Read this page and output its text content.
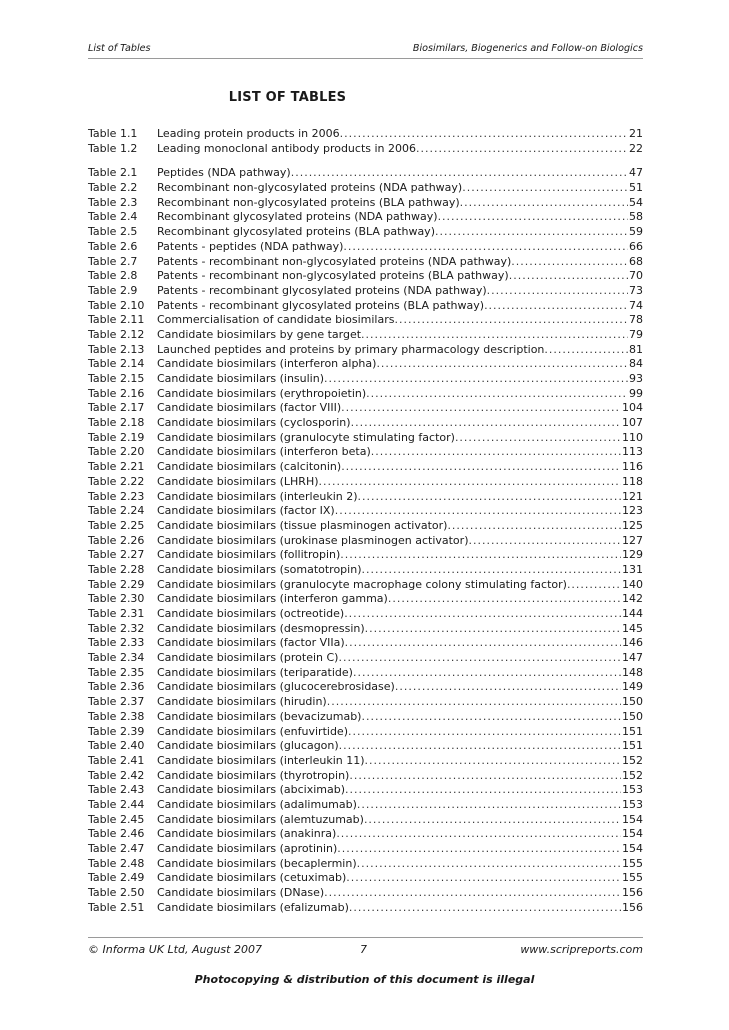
List of Tables	Biosimilars, Biogenerics and Follow-on Biologics
LIST OF TABLES
Table 1.1	Leading protein products in 2006 .....	21
Table 1.2	Leading monoclonal antibody products in 2006 .....	22
Table 2.1	Peptides (NDA pathway) .....	47
Table 2.2	Recombinant non-glycosylated proteins (NDA pathway) .....	51
Table 2.3	Recombinant non-glycosylated proteins (BLA pathway) .....	54
Table 2.4	Recombinant glycosylated proteins (NDA pathway) .....	58
Table 2.5	Recombinant glycosylated proteins (BLA pathway) .....	59
Table 2.6	Patents - peptides (NDA pathway) .....	66
Table 2.7	Patents - recombinant non-glycosylated proteins (NDA pathway) .....	68
Table 2.8	Patents - recombinant non-glycosylated proteins (BLA pathway) .....	70
Table 2.9	Patents - recombinant glycosylated proteins (NDA pathway) .....	73
Table 2.10	Patents - recombinant glycosylated proteins (BLA pathway) .....	74
Table 2.11	Commercialisation of candidate biosimilars .....	78
Table 2.12	Candidate biosimilars by gene target .....	79
Table 2.13	Launched peptides and proteins by primary pharmacology description .....	81
Table 2.14	Candidate biosimilars (interferon alpha) .....	84
Table 2.15	Candidate biosimilars (insulin) .....	93
Table 2.16	Candidate biosimilars (erythropoietin) .....	99
Table 2.17	Candidate biosimilars (factor VIII) .....	104
Table 2.18	Candidate biosimilars (cyclosporin) .....	107
Table 2.19	Candidate biosimilars (granulocyte stimulating factor) .....	110
Table 2.20	Candidate biosimilars (interferon beta) .....	113
Table 2.21	Candidate biosimilars (calcitonin) .....	116
Table 2.22	Candidate biosimilars (LHRH) .....	118
Table 2.23	Candidate biosimilars (interleukin 2) .....	121
Table 2.24	Candidate biosimilars (factor IX) .....	123
Table 2.25	Candidate biosimilars (tissue plasminogen activator) .....	125
Table 2.26	Candidate biosimilars (urokinase plasminogen activator) .....	127
Table 2.27	Candidate biosimilars (follitropin) .....	129
Table 2.28	Candidate biosimilars (somatotropin) .....	131
Table 2.29	Candidate biosimilars (granulocyte macrophage colony stimulating factor) .....	140
Table 2.30	Candidate biosimilars (interferon gamma) .....	142
Table 2.31	Candidate biosimilars (octreotide) .....	144
Table 2.32	Candidate biosimilars (desmopressin) .....	145
Table 2.33	Candidate biosimilars (factor VIIa) .....	146
Table 2.34	Candidate biosimilars (protein C) .....	147
Table 2.35	Candidate biosimilars (teriparatide) .....	148
Table 2.36	Candidate biosimilars (glucocerebrosidase) .....	149
Table 2.37	Candidate biosimilars (hirudin) .....	150
Table 2.38	Candidate biosimilars (bevacizumab) .....	150
Table 2.39	Candidate biosimilars (enfuvirtide) .....	151
Table 2.40	Candidate biosimilars (glucagon) .....	151
Table 2.41	Candidate biosimilars (interleukin 11) .....	152
Table 2.42	Candidate biosimilars (thyrotropin) .....	152
Table 2.43	Candidate biosimilars (abciximab) .....	153
Table 2.44	Candidate biosimilars (adalimumab) .....	153
Table 2.45	Candidate biosimilars (alemtuzumab) .....	154
Table 2.46	Candidate biosimilars (anakinra) .....	154
Table 2.47	Candidate biosimilars (aprotinin) .....	154
Table 2.48	Candidate biosimilars (becaplermin) .....	155
Table 2.49	Candidate biosimilars (cetuximab) .....	155
Table 2.50	Candidate biosimilars (DNase) .....	156
Table 2.51	Candidate biosimilars (efalizumab) .....	156
© Informa UK Ltd, August 2007	7	www.scripreports.com
Photocopying & distribution of this document is illegal
